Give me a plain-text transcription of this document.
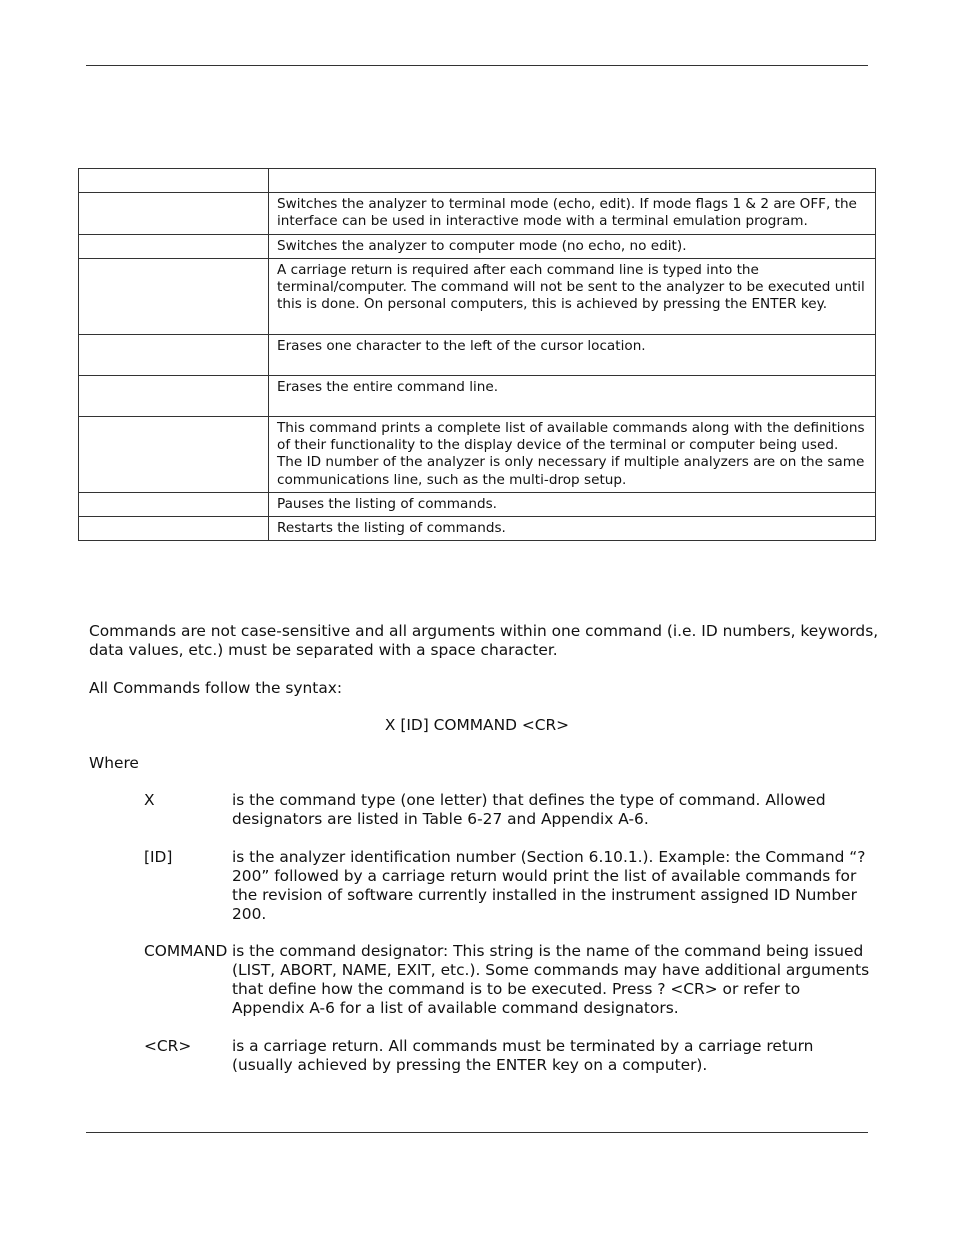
	Switches the analyzer to terminal mode (echo, edit). If mode flags 1 & 2 are OFF, the interface can be used in interactive mode with a terminal emulation program.
	Switches the analyzer to computer mode (no echo, no edit).
	A carriage return is required after each command line is typed into the terminal/computer. The command will not be sent to the analyzer to be executed until this is done. On personal computers, this is achieved by pressing the ENTER key.
	Erases one character to the left of the cursor location.
	Erases the entire command line.
	This command prints a complete list of available commands along with the definitions of their functionality to the display device of the terminal or computer being used. The ID number of the analyzer is only necessary if multiple analyzers are on the same communications line, such as the multi-drop setup.
	Pauses the listing of commands.
	Restarts the listing of commands.

Commands are not case-sensitive and all arguments within one command (i.e. ID numbers, keywords, data values, etc.) must be separated with a space character.

All Commands follow the syntax:

X [ID] COMMAND <CR>

Where

X	is the command type (one letter) that defines the type of command. Allowed designators are listed in Table 6-27 and Appendix A-6.
[ID]	is the analyzer identification number (Section 6.10.1.). Example: the Command “? 200” followed by a carriage return would print the list of available commands for the revision of software currently installed in the instrument assigned ID Number 200.
COMMAND is the command designator: This string is the name of the command being issued (LIST, ABORT, NAME, EXIT, etc.). Some commands may have additional arguments that define how the command is to be executed. Press ? <CR> or refer to Appendix A-6 for a list of available command designators.
<CR>	is a carriage return. All commands must be terminated by a carriage return (usually achieved by pressing the ENTER key on a computer).
